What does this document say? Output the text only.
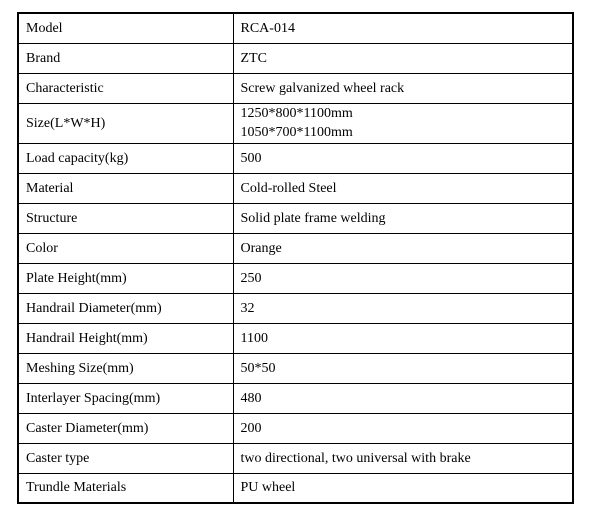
Model	RCA-014
Brand	ZTC
Characteristic	Screw galvanized wheel rack
Size(L*W*H)	1250*800*1100mm
1050*700*1100mm

Load capacity(kg)	500
Material	Cold-rolled Steel
Structure	Solid plate frame welding
Color	Orange
Plate Height(mm)	250
Handrail Diameter(mm)	32
Handrail Height(mm)	1100
Meshing Size(mm)	50*50
Interlayer Spacing(mm)	480
Caster Diameter(mm)	200
Caster type	two directional, two universal with brake
Trundle Materials	PU wheel
